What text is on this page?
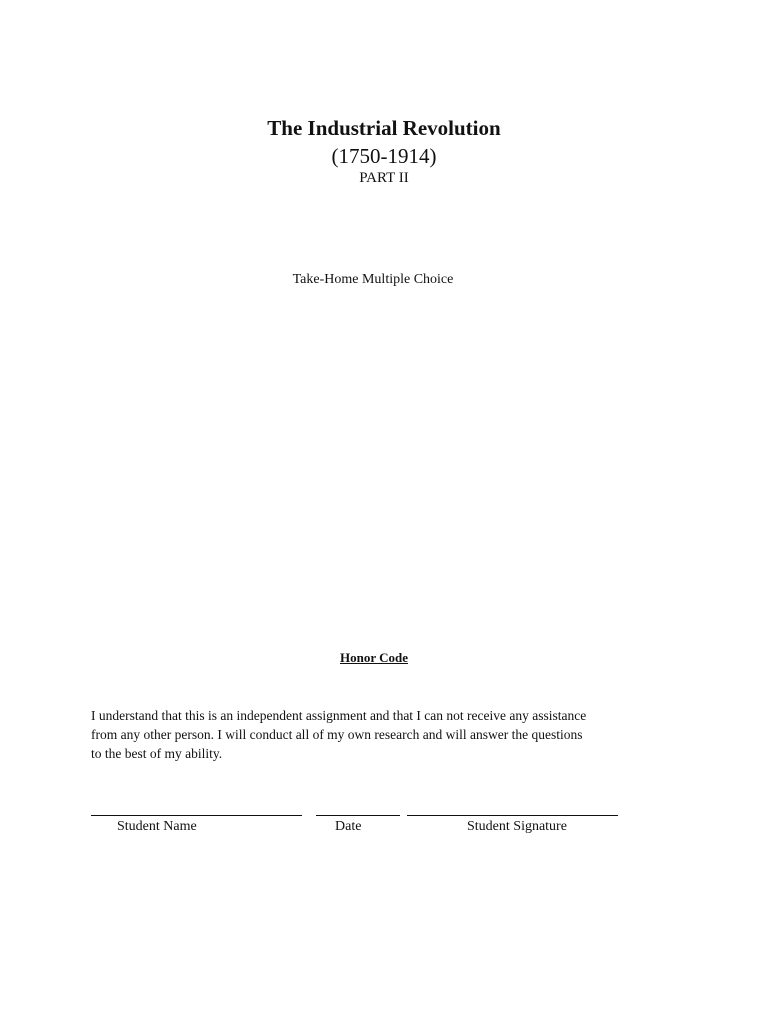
The Industrial Revolution
(1750-1914)
PART II
Take-Home Multiple Choice
Honor Code

I understand that this is an independent assignment and that I can not receive any assistance

from any other person. I will conduct all of my own research and will answer the questions

to the best of my ability.

Student Name	Date	Student Signature
